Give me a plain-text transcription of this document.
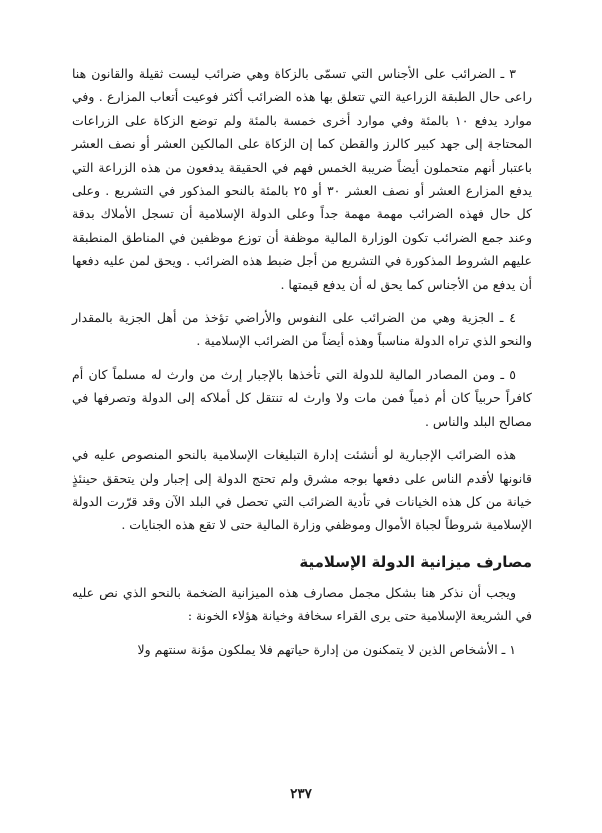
٣ ـ الضرائب على الأجناس التي تسمّى بالزكاة وهي ضرائب ليست ثقيلة والقانون هنا راعى حال الطبقة الزراعية التي تتعلق بها هذه الضرائب أكثر فوعيت أتعاب المزارع . وفي موارد يدفع ١٠ بالمئة وفي موارد أخرى خمسة بالمئة ولم توضع الزكاة على الزراعات المحتاجة إلى جهد كبير كالرز والقطن كما إن الزكاة على المالكين العشر أو نصف العشر باعتبار أنهم متحملون أيضاً ضريبة الخمس فهم في الحقيقة يدفعون من هذه الزراعة التي يدفع المزارع العشر أو نصف العشر ٣٠ أو ٢٥ بالمئة بالنحو المذكور في التشريع . وعلى كل حال فهذه الضرائب مهمة مهمة جداً وعلى الدولة الإسلامية أن تسجل الأملاك بدقة وعند جمع الضرائب تكون الوزارة المالية موظفة أن توزع موظفين في المناطق المنطبقة عليهم الشروط المذكورة في التشريع من أجل ضبط هذه الضرائب . ويحق لمن عليه دفعها أن يدفع من الأجناس كما يحق له أن يدفع قيمتها .

٤ ـ الجزية وهي من الضرائب على النفوس والأراضي تؤخذ من أهل الجزية بالمقدار والنحو الذي تراه الدولة مناسباً وهذه أيضاً من الضرائب الإسلامية .

٥ ـ ومن المصادر المالية للدولة التي تأخذها بالإجبار إرث من وارث له مسلماً كان أم كافراً حربياً كان أم ذمياً فمن مات ولا وارث له تنتقل كل أملاكه إلى الدولة وتصرفها في مصالح البلد والناس .

هذه الضرائب الإجبارية لو أنشئت إدارة التبليغات الإسلامية بالنحو المنصوص عليه في قانونها لأقدم الناس على دفعها بوجه مشرق ولم تحتج الدولة إلى إجبار ولن يتحقق حينئذٍ خيانة من كل هذه الخيانات في تأدية الضرائب التي تحصل في البلد الآن وقد قرّرت الدولة الإسلامية شروطاً لجباة الأموال وموظفي وزارة المالية حتى لا تقع هذه الجنايات .

مصارف ميزانية الدولة الإسلامية

ويجب أن نذكر هنا بشكل مجمل مصارف هذه الميزانية الضخمة بالنحو الذي نص عليه في الشريعة الإسلامية حتى يرى القراء سخافة وخيانة هؤلاء الخونة :

١ ـ الأشخاص الذين لا يتمكنون من إدارة حياتهم فلا يملكون مؤنة سنتهم ولا

٢٣٧
